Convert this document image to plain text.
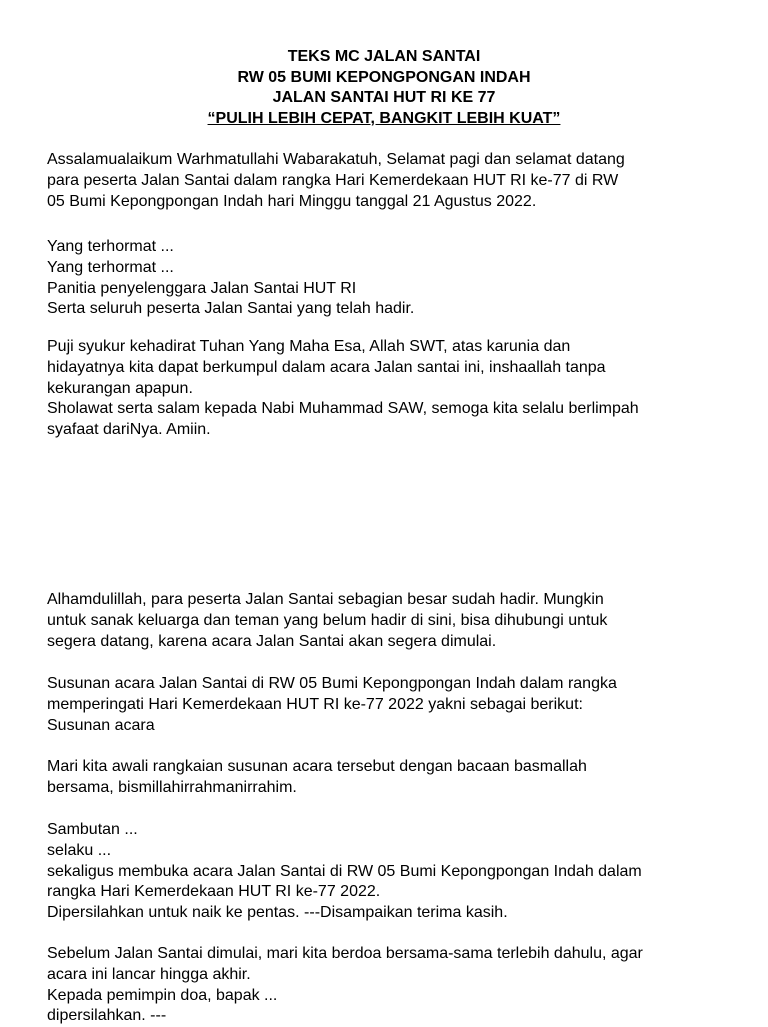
TEKS MC JALAN SANTAI
RW 05 BUMI KEPONGPONGAN INDAH
JALAN SANTAI HUT RI KE 77
“PULIH LEBIH CEPAT, BANGKIT LEBIH KUAT”
Assalamualaikum Warhmatullahi Wabarakatuh, Selamat pagi dan selamat datang
para peserta Jalan Santai dalam rangka Hari Kemerdekaan HUT RI ke-77 di RW
05 Bumi Kepongpongan Indah hari Minggu tanggal 21 Agustus 2022.
Yang terhormat ...
Yang terhormat ...
Panitia penyelenggara Jalan Santai HUT RI
Serta seluruh peserta Jalan Santai yang telah hadir.
Puji syukur kehadirat Tuhan Yang Maha Esa, Allah SWT, atas karunia dan
hidayatnya kita dapat berkumpul dalam acara Jalan santai ini, inshaallah tanpa
kekurangan apapun.
Sholawat serta salam kepada Nabi Muhammad SAW, semoga kita selalu berlimpah
syafaat dariNya. Amiin.
Alhamdulillah, para peserta Jalan Santai sebagian besar sudah hadir. Mungkin
untuk sanak keluarga dan teman yang belum hadir di sini, bisa dihubungi untuk
segera datang, karena acara Jalan Santai akan segera dimulai.
Susunan acara Jalan Santai di RW 05 Bumi Kepongpongan Indah dalam rangka
memperingati Hari Kemerdekaan HUT RI ke-77 2022 yakni sebagai berikut:
Susunan acara
Mari kita awali rangkaian susunan acara tersebut dengan bacaan basmallah
bersama, bismillahirrahmanirrahim.
Sambutan ...
selaku ...
sekaligus membuka acara Jalan Santai di RW 05 Bumi Kepongpongan Indah dalam
rangka Hari Kemerdekaan HUT RI ke-77 2022.
Dipersilahkan untuk naik ke pentas. ---Disampaikan terima kasih.
Sebelum Jalan Santai dimulai, mari kita berdoa bersama-sama terlebih dahulu, agar
acara ini lancar hingga akhir.
Kepada pemimpin doa, bapak ...
dipersilahkan. ---
